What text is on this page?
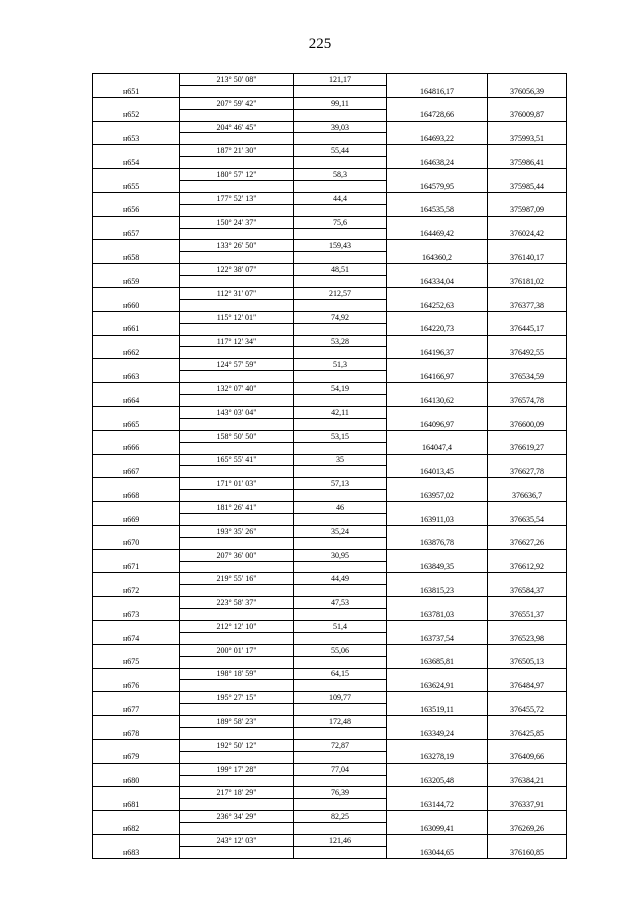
225
	213° 50' 08"	121,17		
н651			164816,17	376056,39
	207° 59' 42"	99,11		
н652			164728,66	376009,87
	204° 46' 45"	39,03		
н653			164693,22	375993,51
	187° 21' 30"	55,44		
н654			164638,24	375986,41
	180° 57' 12"	58,3		
н655			164579,95	375985,44
	177° 52' 13"	44,4		
н656			164535,58	375987,09
	150° 24' 37"	75,6		
н657			164469,42	376024,42
	133° 26' 50"	159,43		
н658			164360,2	376140,17
	122° 38' 07"	48,51		
н659			164334,04	376181,02
	112° 31' 07"	212,57		
н660			164252,63	376377,38
	115° 12' 01"	74,92		
н661			164220,73	376445,17
	117° 12' 34"	53,28		
н662			164196,37	376492,55
	124° 57' 59"	51,3		
н663			164166,97	376534,59
	132° 07' 40"	54,19		
н664			164130,62	376574,78
	143° 03' 04"	42,11		
н665			164096,97	376600,09
	158° 50' 50"	53,15		
н666			164047,4	376619,27
	165° 55' 41"	35		
н667			164013,45	376627,78
	171° 01' 03"	57,13		
н668			163957,02	376636,7
	181° 26' 41"	46		
н669			163911,03	376635,54
	193° 35' 26"	35,24		
н670			163876,78	376627,26
	207° 36' 00"	30,95		
н671			163849,35	376612,92
	219° 55' 16"	44,49		
н672			163815,23	376584,37
	223° 58' 37"	47,53		
н673			163781,03	376551,37
	212° 12' 10"	51,4		
н674			163737,54	376523,98
	200° 01' 17"	55,06		
н675			163685,81	376505,13
	198° 18' 59"	64,15		
н676			163624,91	376484,97
	195° 27' 15"	109,77		
н677			163519,11	376455,72
	189° 58' 23"	172,48		
н678			163349,24	376425,85
	192° 50' 12"	72,87		
н679			163278,19	376409,66
	199° 17' 28"	77,04		
н680			163205,48	376384,21
	217° 18' 29"	76,39		
н681			163144,72	376337,91
	236° 34' 29"	82,25		
н682			163099,41	376269,26
	243° 12' 03"	121,46		
н683			163044,65	376160,85
